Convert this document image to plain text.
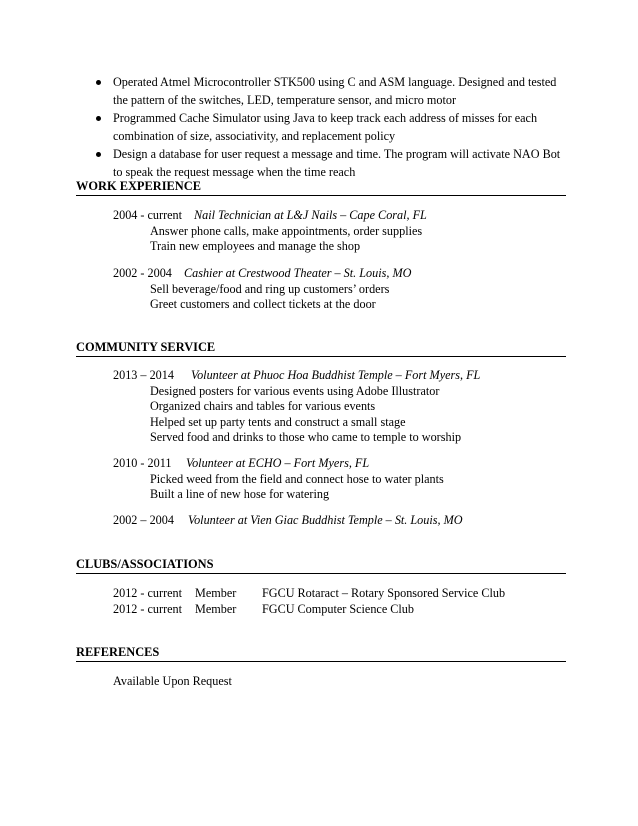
Operated Atmel Microcontroller STK500 using C and ASM language. Designed and tested the pattern of the switches, LED, temperature sensor, and micro motor
Programmed Cache Simulator using Java to keep track each address of misses for each combination of size, associativity, and replacement policy
Design a database for user request a message and time. The program will activate NAO Bot to speak the request message when the time reach
WORK EXPERIENCE
2004 - current Nail Technician at L&J Nails – Cape Coral, FL
Answer phone calls, make appointments, order supplies
Train new employees and manage the shop
2002 - 2004 Cashier at Crestwood Theater – St. Louis, MO
Sell beverage/food and ring up customers’ orders
Greet customers and collect tickets at the door
COMMUNITY SERVICE
2013 – 2014 Volunteer at Phuoc Hoa Buddhist Temple – Fort Myers, FL
Designed posters for various events using Adobe Illustrator
Organized chairs and tables for various events
Helped set up party tents and construct a small stage
Served food and drinks to those who came to temple to worship
2010 - 2011 Volunteer at ECHO – Fort Myers, FL
Picked weed from the field and connect hose to water plants
Built a line of new hose for watering
2002 – 2004 Volunteer at Vien Giac Buddhist Temple – St. Louis, MO
CLUBS/ASSOCIATIONS
2012 - current Member FGCU Rotaract – Rotary Sponsored Service Club
2012 - current Member FGCU Computer Science Club
REFERENCES
Available Upon Request
